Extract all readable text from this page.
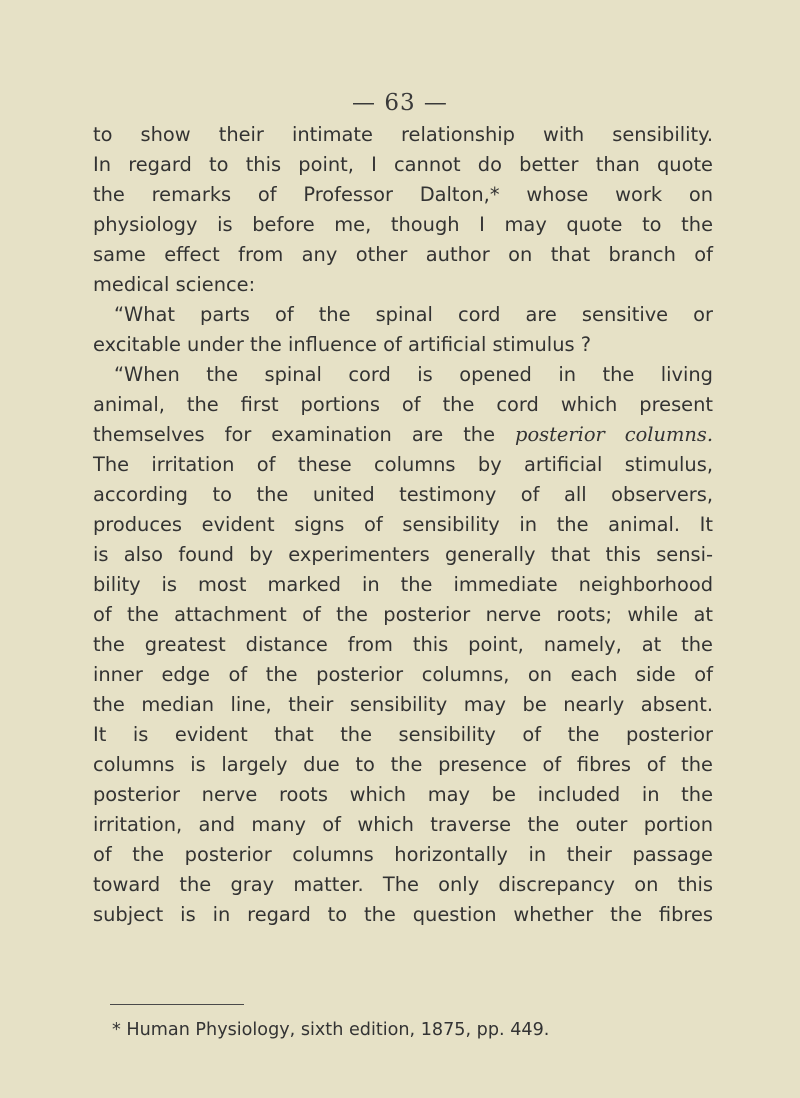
— 63 —
to show their intimate relationship with sensibility.
In regard to this point, I cannot do better than quote
the remarks of Professor Dalton,* whose work on
physiology is before me, though I may quote to the
same effect from any other author on that branch of
medical science:
“What parts of the spinal cord are sensitive or
excitable under the influence of artificial stimulus ?
“When the spinal cord is opened in the living
animal, the first portions of the cord which present
themselves for examination are the posterior columns.
The irritation of these columns by artificial stimulus,
according to the united testimony of all observers,
produces evident signs of sensibility in the animal. It
is also found by experimenters generally that this sensi-
bility is most marked in the immediate neighborhood
of the attachment of the posterior nerve roots; while at
the greatest distance from this point, namely, at the
inner edge of the posterior columns, on each side of
the median line, their sensibility may be nearly absent.
It is evident that the sensibility of the posterior
columns is largely due to the presence of fibres of the
posterior nerve roots which may be included in the
irritation, and many of which traverse the outer portion
of the posterior columns horizontally in their passage
toward the gray matter. The only discrepancy on this
subject is in regard to the question whether the fibres
* Human Physiology, sixth edition, 1875, pp. 449.
